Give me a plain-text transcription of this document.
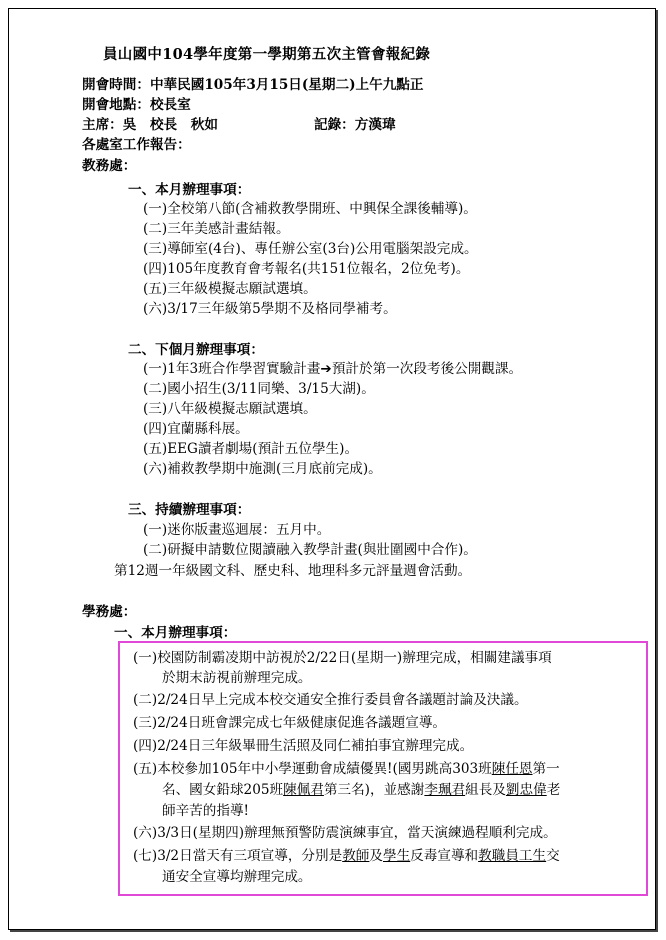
員山國中104學年度第一學期第五次主管會報紀錄
開會時間：中華民國105年3月15日(星期二)上午九點正
開會地點：校長室
主席：吳　校長　秋如	記錄：方漢瑋
各處室工作報告：
教務處：
一、本月辦理事項：
(一)全校第八節(含補救教學開班、中興保全課後輔導)。
(二)三年美感計畫結報。
(三)導師室(4台)、專任辦公室(3台)公用電腦架設完成。
(四)105年度教育會考報名(共151位報名，2位免考)。
(五)三年級模擬志願試選填。
(六)3/17三年級第5學期不及格同學補考。
二、下個月辦理事項：
(一)1年3班合作學習實驗計畫➔預計於第一次段考後公開觀課。
(二)國小招生(3/11同樂、3/15大湖)。
(三)八年級模擬志願試選填。
(四)宜蘭縣科展。
(五)EEG讀者劇場(預計五位學生)。
(六)補救教學期中施測(三月底前完成)。
三、持續辦理事項：
(一)迷你版畫巡迴展：五月中。
(二)研擬申請數位閱讀融入教學計畫(與壯圍國中合作)。
第12週一年級國文科、歷史科、地理科多元評量週會活動。
學務處：
一、本月辦理事項：
(一)校園防制霸凌期中訪視於2/22日(星期一)辦理完成，相關建議事項
於期末訪視前辦理完成。
(二)2/24日早上完成本校交通安全推行委員會各議題討論及決議。
(三)2/24日班會課完成七年級健康促進各議題宣導。
(四)2/24日三年級畢冊生活照及同仁補拍事宜辦理完成。
(五)本校參加105年中小學運動會成績優異!(國男跳高303班陳任恩第一
名、國女鉛球205班陳佩君第三名)，並感謝李珮君組長及劉忠偉老
師辛苦的指導!
(六)3/3日(星期四)辦理無預警防震演練事宜，當天演練過程順利完成。
(七)3/2日當天有三項宣導，分別是教師及學生反毒宣導和教職員工生交
通安全宣導均辦理完成。
